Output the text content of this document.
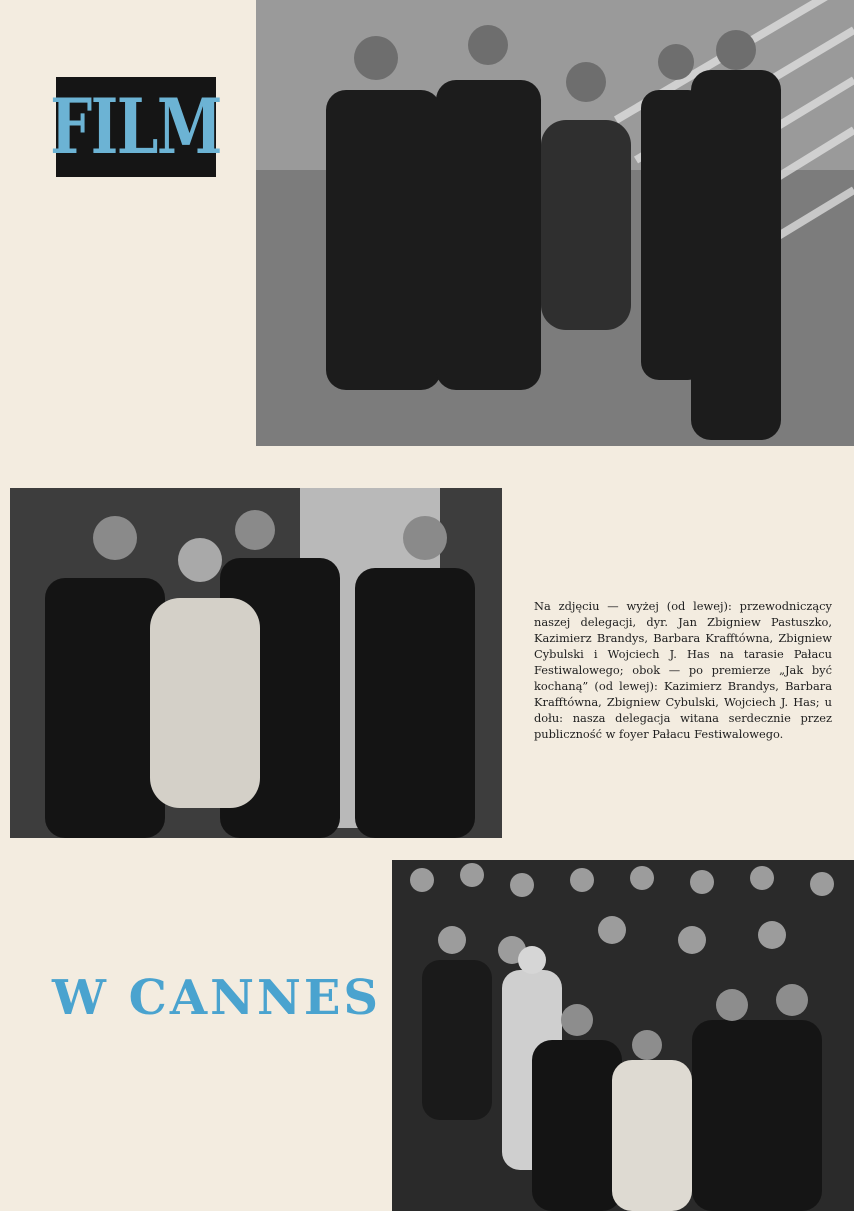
FILM
Na zdjęciu — wyżej (od lewej): przewodniczący naszej delegacji, dyr. Jan Zbigniew Pastuszko, Kazimierz Brandys, Barbara Krafftówna, Zbigniew Cybulski i Wojciech J. Has na tarasie Pałacu Festiwalowego; obok — po premierze „Jak być kochaną” (od lewej): Kazimierz Brandys, Barbara Krafftówna, Zbigniew Cybulski, Wojciech J. Has; u dołu: nasza delegacja witana serdecznie przez publiczność w foyer Pałacu Festiwalowego.
W CANNES
